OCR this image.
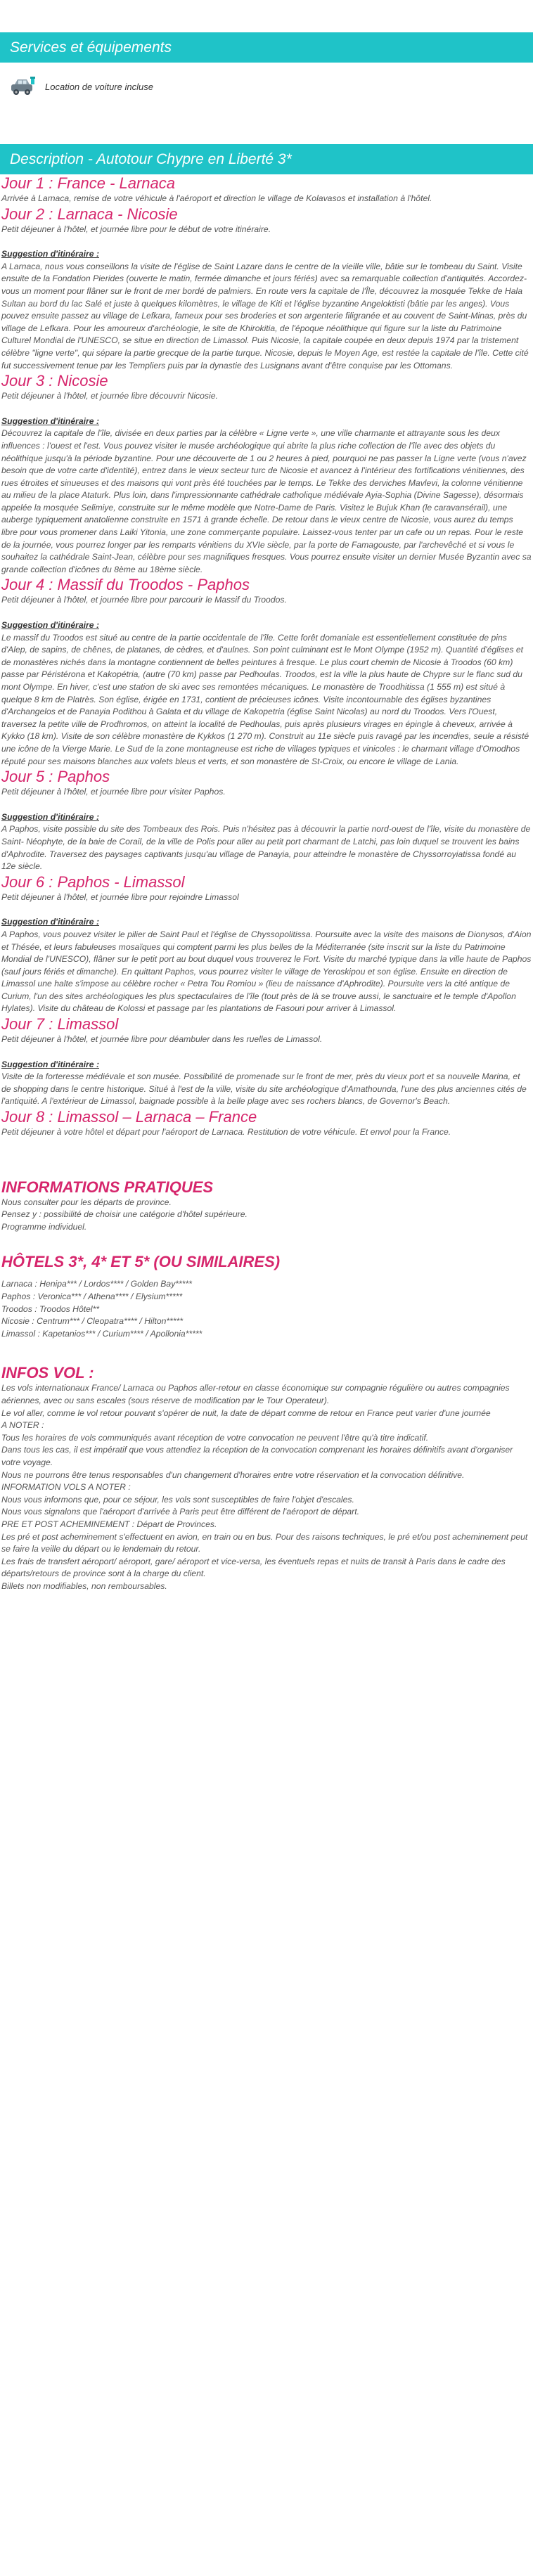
Services et équipements
Location de voiture incluse
Description - Autotour Chypre en Liberté 3*
Jour 1 : France - Larnaca

Arrivée à Larnaca, remise de votre véhicule à l'aéroport et direction le village de Kolavasos et installation à l'hôtel.

Jour 2 : Larnaca - Nicosie

Petit déjeuner à l'hôtel, et journée libre pour le début de votre itinéraire.

Suggestion d'itinéraire :

A Larnaca, nous vous conseillons la visite de l'église de Saint Lazare dans le centre de la vieille ville, bâtie sur le tombeau du Saint. Visite ensuite de la Fondation Pierides (ouverte le matin, fermée dimanche et jours fériés) avec sa remarquable collection d'antiquités. Accordez-vous un moment pour flâner sur le front de mer bordé de palmiers. En route vers la capitale de l'Île, découvrez la mosquée Tekke de Hala Sultan au bord du lac Salé et juste à quelques kilomètres, le village de Kiti et l'église byzantine Angeloktisti (bâtie par les anges). Vous pouvez ensuite passez au village de Lefkara, fameux pour ses broderies et son argenterie filigranée et au couvent de Saint-Minas, près du village de Lefkara. Pour les amoureux d'archéologie, le site de Khirokitia, de l'époque néolithique qui figure sur la liste du Patrimoine Culturel Mondial de l'UNESCO, se situe en direction de Limassol. Puis Nicosie, la capitale coupée en deux depuis 1974 par la tristement célèbre "ligne verte", qui sépare la partie grecque de la partie turque. Nicosie, depuis le Moyen Age, est restée la capitale de l'île. Cette cité fut successivement tenue par les Templiers puis par la dynastie des Lusignans avant d'être conquise par les Ottomans.

Jour 3 : Nicosie

Petit déjeuner à l'hôtel, et journée libre découvrir Nicosie.

Suggestion d'itinéraire :

Découvrez la capitale de l'île, divisée en deux parties par la célèbre « Ligne verte », une ville charmante et attrayante sous les deux influences : l'ouest et l'est. Vous pouvez visiter le musée archéologique qui abrite la plus riche collection de l'île avec des objets du néolithique jusqu'à la période byzantine. Pour une découverte de 1 ou 2 heures à pied, pourquoi ne pas passer la Ligne verte (vous n'avez besoin que de votre carte d'identité), entrez dans le vieux secteur turc de Nicosie et avancez à l'intérieur des fortifications vénitiennes, des rues étroites et sinueuses et des maisons qui vont près été touchées par le temps. Le Tekke des derviches Mavlevi, la colonne vénitienne au milieu de la place Ataturk. Plus loin, dans l'impressionnante cathédrale catholique médiévale Ayia-Sophia (Divine Sagesse), désormais appelée la mosquée Selimiye, construite sur le même modèle que Notre-Dame de Paris. Visitez le Bujuk Khan (le caravansérail), une auberge typiquement anatolienne construite en 1571 à grande échelle. De retour dans le vieux centre de Nicosie, vous aurez du temps libre pour vous promener dans Laiki Yitonia, une zone commerçante populaire. Laissez-vous tenter par un cafe ou un repas. Pour le reste de la journée, vous pourrez longer par les remparts vénitiens du XVIe siècle, par la porte de Famagouste, par l'archevêché et si vous le souhaitez la cathédrale Saint-Jean, célèbre pour ses magnifiques fresques. Vous pourrez ensuite visiter un dernier Musée Byzantin avec sa grande collection d'icônes du 8ème au 18ème siècle.

Jour 4 : Massif du Troodos - Paphos

Petit déjeuner à l'hôtel, et journée libre pour parcourir le Massif du Troodos.

Suggestion d'itinéraire :

Le massif du Troodos est situé au centre de la partie occidentale de l'île. Cette forêt domaniale est essentiellement constituée de pins d'Alep, de sapins, de chênes, de platanes, de cèdres, et d'aulnes. Son point culminant est le Mont Olympe (1952 m). Quantité d'églises et de monastères nichés dans la montagne contiennent de belles peintures à fresque. Le plus court chemin de Nicosie à Troodos (60 km) passe par Péristérona et Kakopétria, (autre (70 km) passe par Pedhoulas. Troodos, est la ville la plus haute de Chypre sur le flanc sud du mont Olympe. En hiver, c'est une station de ski avec ses remontées mécaniques. Le monastère de Troodhitissa (1 555 m) est situé à quelque 8 km de Platrès. Son église, érigée en 1731, contient de précieuses icônes. Visite incontournable des églises byzantines d'Archangelos et de Panayia Podithou à Galata et du village de Kakopetria (église Saint Nicolas) au nord du Troodos. Vers l'Ouest, traversez la petite ville de Prodhromos, on atteint la localité de Pedhoulas, puis après plusieurs virages en épingle à cheveux, arrivée à Kykko (18 km). Visite de son célèbre monastère de Kykkos (1 270 m). Construit au 11e siècle puis ravagé par les incendies, seule a résisté une icône de la Vierge Marie. Le Sud de la zone montagneuse est riche de villages typiques et vinicoles : le charmant village d'Omodhos réputé pour ses maisons blanches aux volets bleus et verts, et son monastère de St-Croix, ou encore le village de Lania.

Jour 5 : Paphos

Petit déjeuner à l'hôtel, et journée libre pour visiter Paphos.

Suggestion d'itinéraire :

A Paphos, visite possible du site des Tombeaux des Rois. Puis n'hésitez pas à découvrir la partie nord-ouest de l'île, visite du monastère de Saint- Néophyte, de la baie de Corail, de la ville de Polis pour aller au petit port charmant de Latchi, pas loin duquel se trouvent les bains d'Aphrodite. Traversez des paysages captivants jusqu'au village de Panayia, pour atteindre le monastère de Chyssorroyiatissa fondé au 12e siècle.

Jour 6 : Paphos - Limassol

Petit déjeuner à l'hôtel, et journée libre pour rejoindre Limassol

Suggestion d'itinéraire :

A Paphos, vous pouvez visiter le pilier de Saint Paul et l'église de Chyssopolitissa. Poursuite avec la visite des maisons de Dionysos, d'Aion et Thésée, et leurs fabuleuses mosaïques qui comptent parmi les plus belles de la Méditerranée (site inscrit sur la liste du Patrimoine Mondial de l'UNESCO), flâner sur le petit port au bout duquel vous trouverez le Fort. Visite du marché typique dans la ville haute de Paphos (sauf jours fériés et dimanche). En quittant Paphos, vous pourrez visiter le village de Yeroskipou et son église. Ensuite en direction de Limassol une halte s'impose au célèbre rocher « Petra Tou Romiou » (lieu de naissance d'Aphrodite). Poursuite vers la cité antique de Curium, l'un des sites archéologiques les plus spectaculaires de l'île (tout près de là se trouve aussi, le sanctuaire et le temple d'Apollon Hylates). Visite du château de Kolossi et passage par les plantations de Fasouri pour arriver à Limassol.

Jour 7 : Limassol

Petit déjeuner à l'hôtel, et journée libre pour déambuler dans les ruelles de Limassol.

Suggestion d'itinéraire :

Visite de la forteresse médiévale et son musée. Possibilité de promenade sur le front de mer, près du vieux port et sa nouvelle Marina, et de shopping dans le centre historique. Situé à l'est de la ville, visite du site archéologique d'Amathounda, l'une des plus anciennes cités de l'antiquité. A l'extérieur de Limassol, baignade possible à la belle plage avec ses rochers blancs, de Governor's Beach.

Jour 8 : Limassol – Larnaca – France

Petit déjeuner à votre hôtel et départ pour l'aéroport de Larnaca. Restitution de votre véhicule. Et envol pour la France.

INFORMATIONS PRATIQUES

Nous consulter pour les départs de province.

Pensez y : possibilité de choisir une catégorie d'hôtel supérieure.

Programme individuel.

HÔTELS 3*, 4* ET 5* (OU SIMILAIRES)

Larnaca : Henipa*** / Lordos**** / Golden Bay*****

Paphos : Veronica*** / Athena**** / Elysium*****

Troodos : Troodos Hôtel**

Nicosie : Centrum*** / Cleopatra**** / Hilton*****

Limassol : Kapetanios*** / Curium**** / Apollonia*****

INFOS VOL :

Les vols internationaux France/ Larnaca ou Paphos aller-retour en classe économique sur compagnie régulière ou autres compagnies aériennes, avec ou sans escales (sous réserve de modification par le Tour Operateur).

Le vol aller, comme le vol retour pouvant s'opérer de nuit, la date de départ comme de retour en France peut varier d'une journée

A NOTER :

Tous les horaires de vols communiqués avant réception de votre convocation ne peuvent l'être qu'à titre indicatif.

Dans tous les cas, il est impératif que vous attendiez la réception de la convocation comprenant les horaires définitifs avant d'organiser votre voyage.

Nous ne pourrons être tenus responsables d'un changement d'horaires entre votre réservation et la convocation définitive.

INFORMATION VOLS A NOTER :

Nous vous informons que, pour ce séjour, les vols sont susceptibles de faire l'objet d'escales.

Nous vous signalons que l'aéroport d'arrivée à Paris peut être différent de l'aéroport de départ.

PRE ET POST ACHEMINEMENT : Départ de Provinces.

Les pré et post acheminement s'effectuent en avion, en train ou en bus. Pour des raisons techniques, le pré et/ou post acheminement peut se faire la veille du départ ou le lendemain du retour.

Les frais de transfert aéroport/ aéroport, gare/ aéroport et vice-versa, les éventuels repas et nuits de transit à Paris dans le cadre des départs/retours de province sont à la charge du client.

Billets non modifiables, non remboursables.
